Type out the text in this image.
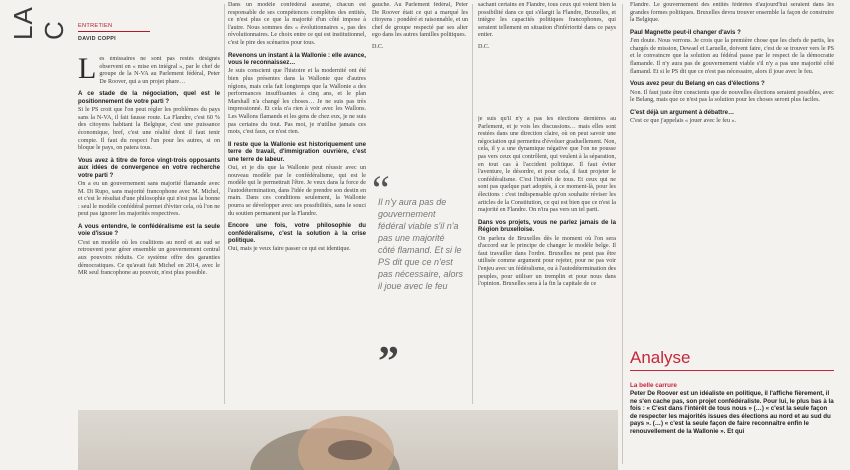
LA C ENTRETIEN
DAVID COPPI

L es émissaires ne sont pas restés désignés observent en « mise en intégral », par le chef de groupe de la N-VA au Parlement fédéral, Peter De Roover, qui a un projet phare…

A ce stade de la négociation, quel est le positionnement de votre parti ?

Si le PS croit que l'on peut régler les problèmes du pays sans la N-VA, il fait fausse route. La Flandre, c'est 60 % des citoyens habitant la Belgique, c'est une puissance économique, bref, c'est une réalité dont il faut tenir compte. Il faut du respect l'un pour les autres, si on bloque le pays, on paiera tous.

Vous avez à titre de force vingt-trois opposants aux idées de convergence en votre recherche votre parti ?

On a eu un gouvernement sans majorité flamande avec M. Di Rupo, sans majorité francophone avec M. Michel, et c'est le résultat d'une philosophie qui n'est pas la bonne : seul le modèle confédéral permet d'éviter cela, où l'on ne peut pas ignorer les majorités respectives.

A vous entendre, le confédéralisme est la seule voie d'issue ?

C'est un modèle où les coalitions au nord et au sud se retrouvent pour gérer ensemble un gouvernement central aux pouvoirs réduits. Ce système offre des garanties démocratiques. Ce qu'avait fait Michel en 2014, avec le MR seul francophone au pouvoir, n'est plus possible.

Dans un modèle confédéral assumé, chacun est responsable de ses compétences complètes des entités, ce n'est plus ce que la majorité d'un côté impose à l'autre. Nous sommes des « évolutionnaires », pas des révolutionnaires. Le choix entre ce qui est institutionnel, c'est le pire des scénarios pour tous.

Revenons un instant à la Wallonie : elle avance, vous le reconnaissez…

Je suis conscient que l'histoire et la modernité ont été bien plus présentes dans la Wallonie que d'autres régions, mais cela fait longtemps que la Wallonie a des performances insuffisantes à cinq ans, et le plan Marshall n'a changé les choses… Je ne suis pas très impressionné. Et cela n'a rien à voir avec les Wallons. Les Wallons flamands et les gens de chez eux, je ne suis pas certains du tout. Pas moi, je n'utilise jamais ces mots, c'est faux, ce n'est rien.

Il reste que la Wallonie est historiquement une terre de travail, d'immigration ouvrière, c'est une terre de labeur.

Oui, et je dis que la Wallonie peut réussir avec un nouveau modèle par le confédéralisme, qui est le modèle qui le permettrait l'être. Je veux dans la force de l'autodétermination, dans l'idée de prendre son destin en main. Dans ces conditions seulement, la Wallonie pourra se développer avec ses possibilités, sans le souci du soutien permanent par la Flandre.

Encore une fois, votre philosophie du confédéralisme, c'est la solution à la crise politique.

Oui, mais je veux faire passer ce qui est identique.

gauche. Au Parlement fédéral, Peter De Roover était ce qui a marqué les citoyens : pondéré et raisonnable, et un chef de groupe respecté par ses alter ego dans les autres familles politiques.

D.C.

“
Il n'y aura pas de gouvernement fédéral viable s'il n'a pas une majorité côté flamand. Et si le PS dit que ce n'est pas nécessaire, alors il joue avec le feu
”

sachant certains en Flandre, tous ceux qui voient bien la possibilité dans ce qui s'élargit la Flandre, Bruxelles, et intègre les capacités politiques francophones, qui seraient tellement en situation d'infériorité dans ce pays entier.

D.C.

je suis qu'il n'y a pas les élections dernières au Parlement, et je vois les discussions… mais elles sont restées dans une direction claire, où on peut savoir une négociation qui permettra d'évoluer graduellement. Non, cela, il y a une dynamique négative que l'on ne pousse pas vers ceux qui contrôlent, qui veulent à la séparation, en tout cas à l'accident politique. Il faut éviter l'aventure, le désordre, et pour cela, il faut projeter le confédéralisme. C'est l'intérêt de tous. Et ceux qui ne sont pas quelque part adoptés, à ce moment-là, pour les élections : c'est indispensable qu'on souhaite réviser les articles de la Constitution, ce qui est bien que ce n'est la majorité en Flandre. On n'ira pas vers un tel parti.

Dans vos projets, vous ne parlez jamais de la Région bruxelloise.

On parlera de Bruxelles dès le moment où l'on sera d'accord sur le principe de changer le modèle belge. Il faut travailler dans l'ordre. Bruxelles ne peut pas être utilisée comme argument pour rejeter, pour ne pas voir l'enjeu avec un fédéralisme, ou à l'autodétermination des peuples, pour utiliser un tremplin et pour nous dans l'opinion. Bruxelles sera à la fin la capitale de ce

Flandre. Le gouvernement des entités fédérées d'aujourd'hui seraient dans les grandes formes politiques. Bruxelles devra trouver ensemble la façon de construire la Belgique.

Paul Magnette peut-il changer d'avis ?

J'en doute. Nous verrons. Je crois que la première chose que les chefs de partis, les chargés de mission, Dewael et Laruelle, doivent faire, c'est de se trouver vers le PS et le convaincre que la solution au fédéral passe par le respect de la démocratie flamande. Il n'y aura pas de gouvernement viable s'il n'y a pas une majorité côté flamand. Et si le PS dit que ce n'est pas nécessaire, alors il joue avec le feu.

Vous avez peur du Belang en cas d'élections ?

Non. Il faut juste être conscients que de nouvelles élections seraient possibles, avec le Belang, mais que ce n'est pas la solution pour les choses seront plus faciles.

C'est déjà un argument à débattre…

C'est ce que j'appelais « jouer avec le feu ».

Analyse
La belle carrure
Peter De Roover est un idéaliste en politique, il l'affiche fièrement, il ne s'en cache pas, son projet confédéraliste. Pour lui, le plus bas à la fois : « C'est dans l'intérêt de tous nous » (…) « c'est la seule façon de respecter les majorités issues des élections au nord et au sud du pays ». (…) « c'est la seule façon de faire reconnaître enfin le renouvellement de la Wallonie ». Et qui
